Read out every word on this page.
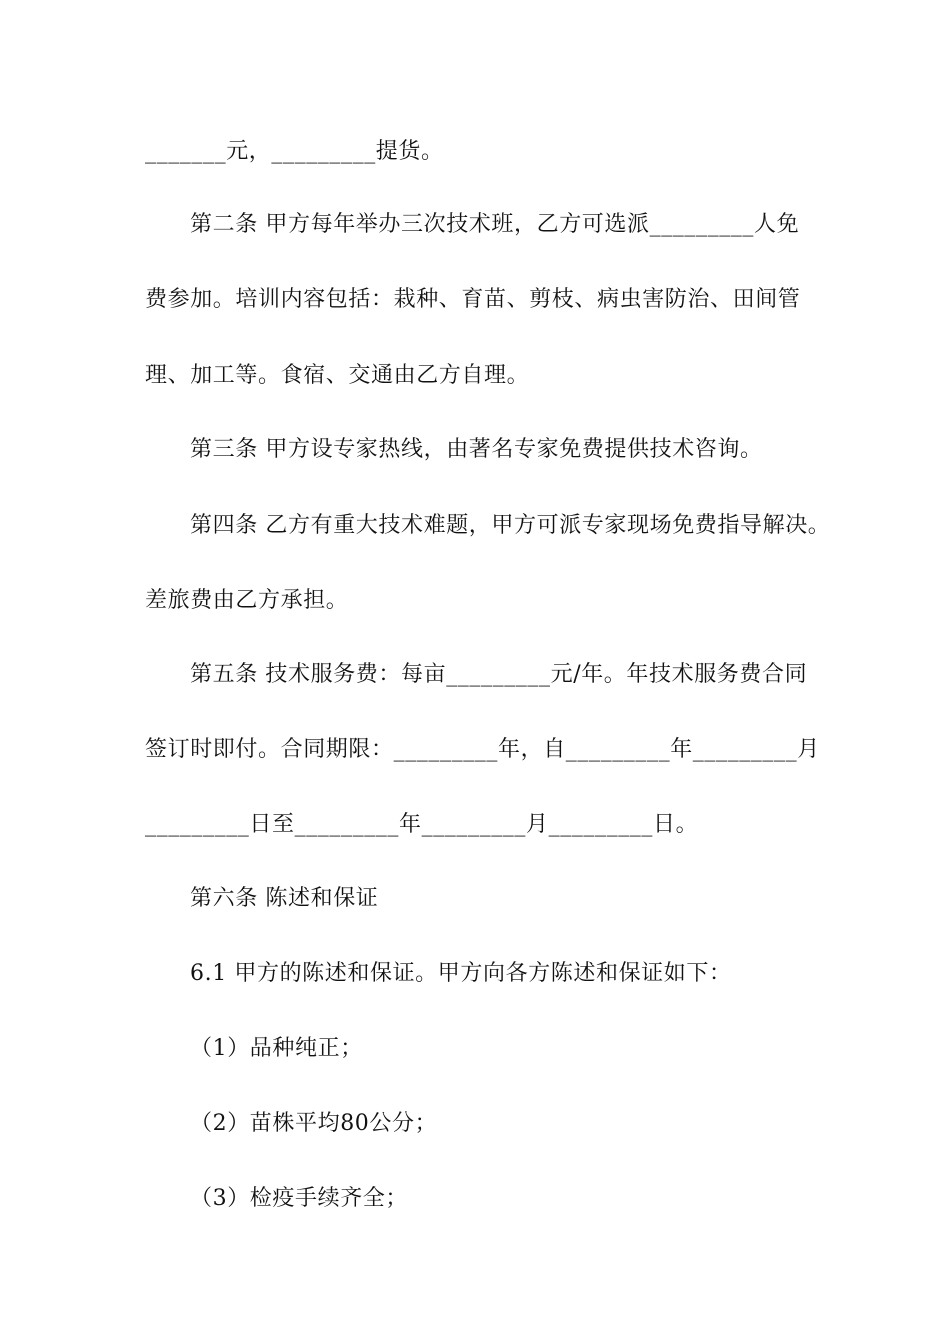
_______元，_________提货。
第二条 甲方每年举办三次技术班，乙方可选派_________人免
费参加。培训内容包括：栽种、育苗、剪枝、病虫害防治、田间管
理、加工等。食宿、交通由乙方自理。
第三条 甲方设专家热线，由著名专家免费提供技术咨询。
第四条 乙方有重大技术难题，甲方可派专家现场免费指导解决。
差旅费由乙方承担。
第五条 技术服务费：每亩_________元/年。年技术服务费合同
签订时即付。合同期限：_________年，自_________年_________月
_________日至_________年_________月_________日。
第六条 陈述和保证
6.1 甲方的陈述和保证。甲方向各方陈述和保证如下：
（1）品种纯正；
（2）苗株平均80公分；
（3）检疫手续齐全；
